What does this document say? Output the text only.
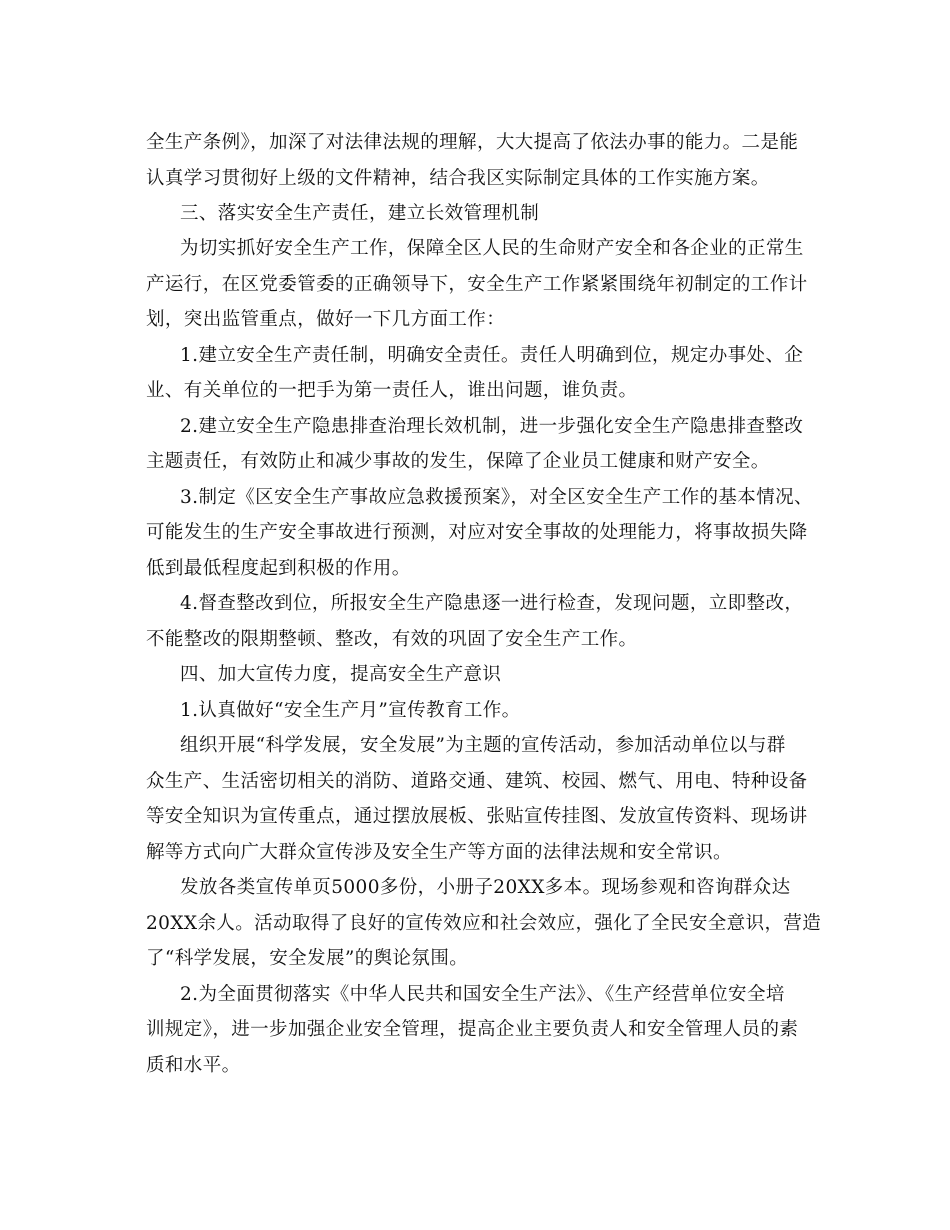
全生产条例》，加深了对法律法规的理解，大大提高了依法办事的能力。二是能
认真学习贯彻好上级的文件精神，结合我区实际制定具体的工作实施方案。
三、落实安全生产责任，建立长效管理机制
为切实抓好安全生产工作，保障全区人民的生命财产安全和各企业的正常生
产运行，在区党委管委的正确领导下，安全生产工作紧紧围绕年初制定的工作计
划，突出监管重点，做好一下几方面工作：
1.建立安全生产责任制，明确安全责任。责任人明确到位，规定办事处、企
业、有关单位的一把手为第一责任人，谁出问题，谁负责。
2.建立安全生产隐患排查治理长效机制，进一步强化安全生产隐患排查整改
主题责任，有效防止和减少事故的发生，保障了企业员工健康和财产安全。
3.制定《区安全生产事故应急救援预案》，对全区安全生产工作的基本情况、
可能发生的生产安全事故进行预测，对应对安全事故的处理能力，将事故损失降
低到最低程度起到积极的作用。
4.督查整改到位，所报安全生产隐患逐一进行检查，发现问题，立即整改，
不能整改的限期整顿、整改，有效的巩固了安全生产工作。
四、加大宣传力度，提高安全生产意识
1.认真做好“安全生产月”宣传教育工作。
组织开展“科学发展，安全发展”为主题的宣传活动，参加活动单位以与群
众生产、生活密切相关的消防、道路交通、建筑、校园、燃气、用电、特种设备
等安全知识为宣传重点，通过摆放展板、张贴宣传挂图、发放宣传资料、现场讲
解等方式向广大群众宣传涉及安全生产等方面的法律法规和安全常识。
发放各类宣传单页5000多份，小册子20XX多本。现场参观和咨询群众达
20XX余人。活动取得了良好的宣传效应和社会效应，强化了全民安全意识，营造
了“科学发展，安全发展”的舆论氛围。
2.为全面贯彻落实《中华人民共和国安全生产法》、《生产经营单位安全培
训规定》，进一步加强企业安全管理，提高企业主要负责人和安全管理人员的素
质和水平。
